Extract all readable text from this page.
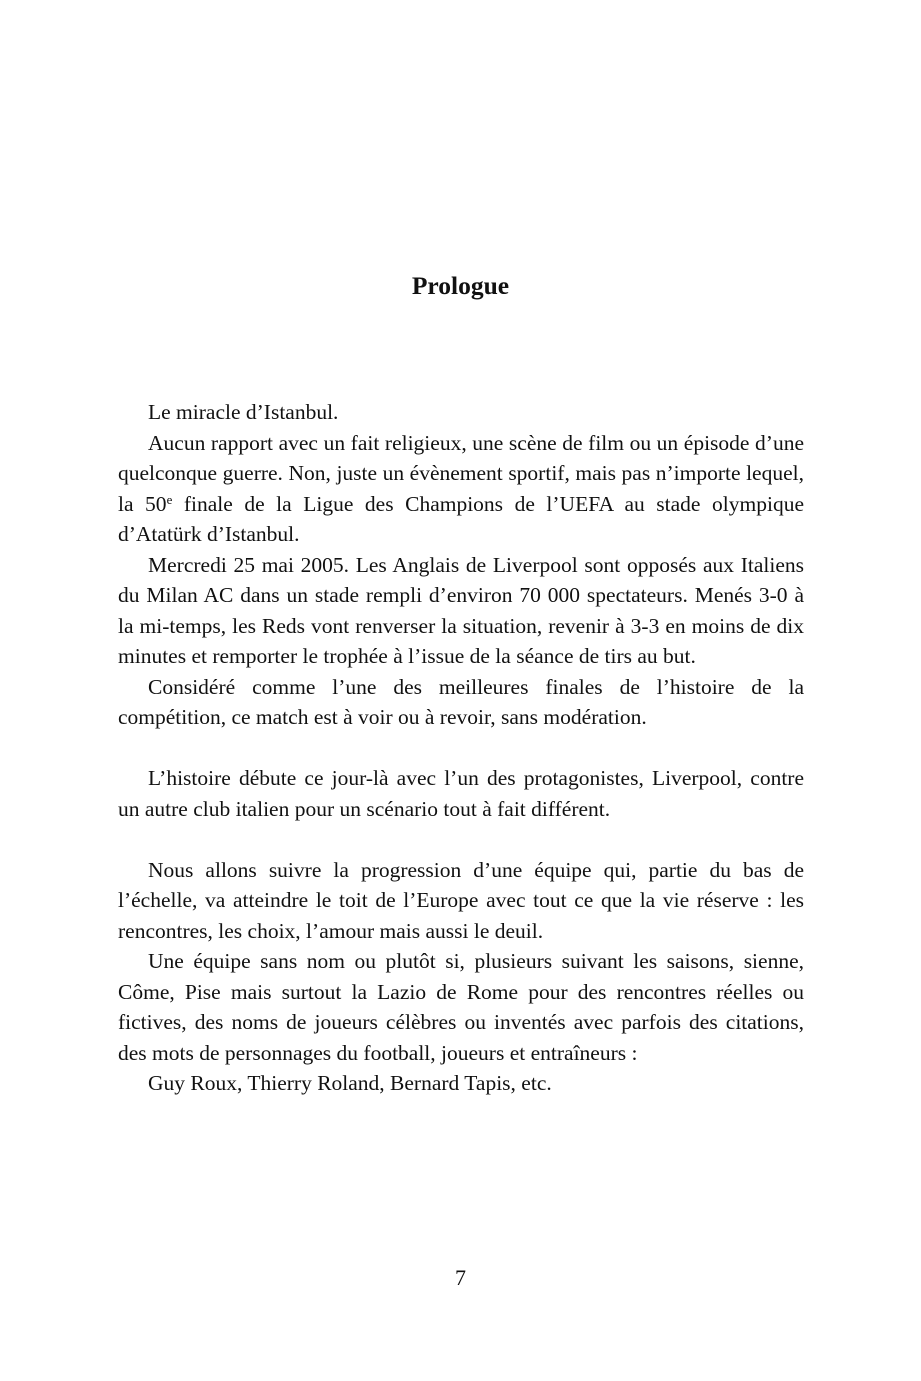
Prologue

Le miracle d’Istanbul.

Aucun rapport avec un fait religieux, une scène de film ou un épisode d’une quelconque guerre. Non, juste un évènement sportif, mais pas n’importe lequel, la 50e finale de la Ligue des Champions de l’UEFA au stade olympique d’Atatürk d’Istanbul.

Mercredi 25 mai 2005. Les Anglais de Liverpool sont opposés aux Italiens du Milan AC dans un stade rempli d’environ 70 000 spectateurs. Menés 3-0 à la mi-temps, les Reds vont renverser la situation, revenir à 3-3 en moins de dix minutes et remporter le trophée à l’issue de la séance de tirs au but.

Considéré comme l’une des meilleures finales de l’histoire de la compétition, ce match est à voir ou à revoir, sans modération.

L’histoire débute ce jour-là avec l’un des protagonistes, Liverpool, contre un autre club italien pour un scénario tout à fait différent.

Nous allons suivre la progression d’une équipe qui, partie du bas de l’échelle, va atteindre le toit de l’Europe avec tout ce que la vie réserve : les rencontres, les choix, l’amour mais aussi le deuil.

Une équipe sans nom ou plutôt si, plusieurs suivant les saisons, sienne, Côme, Pise mais surtout la Lazio de Rome pour des rencontres réelles ou fictives, des noms de joueurs célèbres ou inventés avec parfois des citations, des mots de personnages du football, joueurs et entraîneurs :

Guy Roux, Thierry Roland, Bernard Tapis, etc.

7
